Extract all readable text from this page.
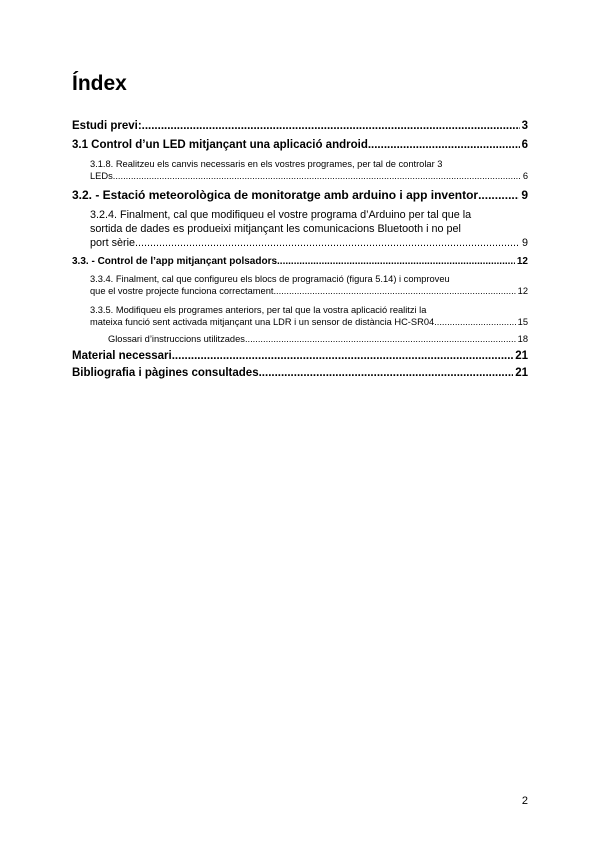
Índex
Estudi previ: .....	3
3.1 Control d’un LED mitjançant una aplicació android .....	6
3.1.8. Realitzeu els canvis necessaris en els vostres programes, per tal de controlar 3
LEDs .....	6
3.2. - Estació meteorològica de monitoratge amb arduino i app inventor .....	9
3.2.4. Finalment, cal que modifiqueu el vostre programa d’Arduino per tal que la
sortida de dades es produeixi mitjançant les comunicacions Bluetooth i no pel
port sèrie .....	9
3.3. - Control de l’app mitjançant polsadors .....	12
3.3.4. Finalment, cal que configureu els blocs de programació (figura 5.14) i comproveu
que el vostre projecte funciona correctament .....	12
3.3.5. Modifiqueu els programes anteriors, per tal que la vostra aplicació realitzi la
mateixa funció sent activada mitjançant una LDR i un sensor de distància HC-SR04 .....	15
Glossari d’instruccions utilitzades .....	18
Material necessari .....	21
Bibliografia i pàgines consultades .....	21
2
